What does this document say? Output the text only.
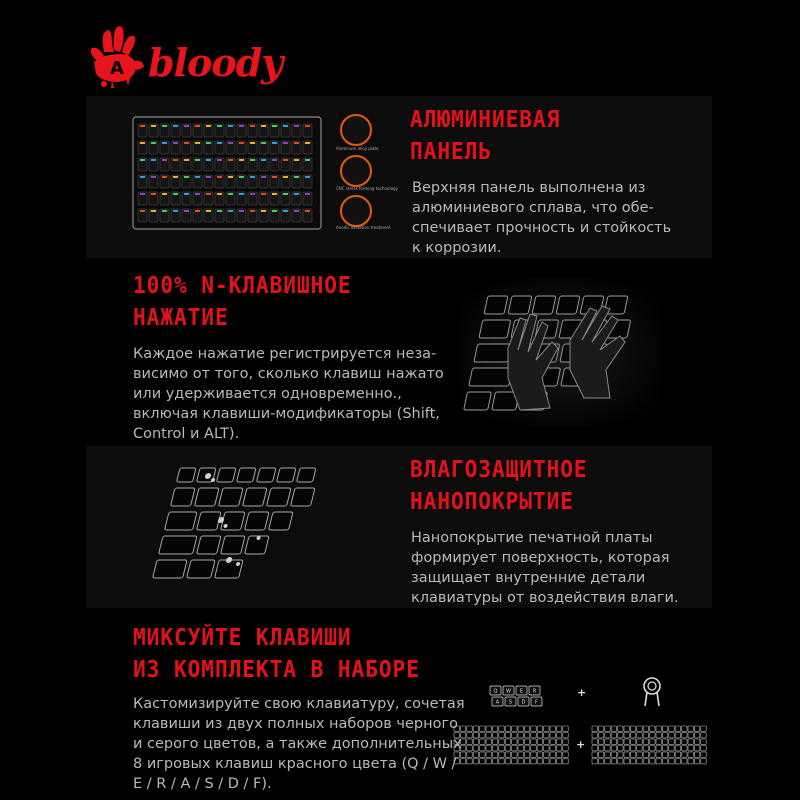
A bloody
Aluminum alloy plate
CNC stress forming technology
Anodic oxidation treatment
АЛЮМИНИЕВАЯ
ПАНЕЛЬ

Верхняя панель выполнена из
алюминиевого сплава, что обе-
спечивает прочность и стойкость
к коррозии.

100% N-КЛАВИШНОЕ
НАЖАТИЕ

Каждое нажатие регистрируется неза-
висимо от того, сколько клавиш нажато
или удерживается одновременно.,
включая клавиши-модификаторы (Shift,
Control и ALT).

ВЛАГОЗАЩИТНОЕ
НАНОПОКРЫТИЕ

Нанопокрытие печатной платы
формирует поверхность, которая
защищает внутренние детали
клавиатуры от воздействия влаги.

МИКСУЙТЕ КЛАВИШИ
ИЗ КОМПЛЕКТА В НАБОРЕ

Кастомизируйте свою клавиатуру, сочетая
клавиши из двух полных наборов черного
и серого цветов, а также дополнительных
8 игровых клавиш красного цвета (Q / W /
E / R / A / S / D / F).

Q W E R
A S D F
+
+
